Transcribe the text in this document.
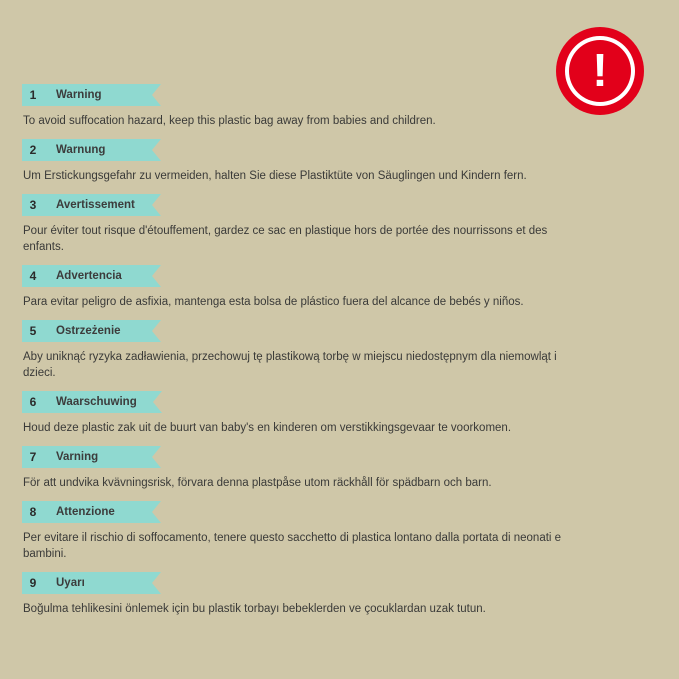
!
1	Warning
To avoid suffocation hazard, keep this plastic bag away from babies and children.
2	Warnung
Um Erstickungsgefahr zu vermeiden, halten Sie diese Plastiktüte von Säuglingen und Kindern fern.
3	Avertissement
Pour éviter tout risque d'étouffement, gardez ce sac en plastique hors de portée des nourrissons et des enfants.
4	Advertencia
Para evitar peligro de asfixia, mantenga esta bolsa de plástico fuera del alcance de bebés y niños.
5	Ostrzeżenie
Aby uniknąć ryzyka zadławienia, przechowuj tę plastikową torbę w miejscu niedostępnym dla niemowląt i dzieci.
6	Waarschuwing
Houd deze plastic zak uit de buurt van baby's en kinderen om verstikkingsgevaar te voorkomen.
7	Varning
För att undvika kvävningsrisk, förvara denna plastpåse utom räckhåll för spädbarn och barn.
8	Attenzione
Per evitare il rischio di soffocamento, tenere questo sacchetto di plastica lontano dalla portata di neonati e bambini.
9	Uyarı
Boğulma tehlikesini önlemek için bu plastik torbayı bebeklerden ve çocuklardan uzak tutun.
